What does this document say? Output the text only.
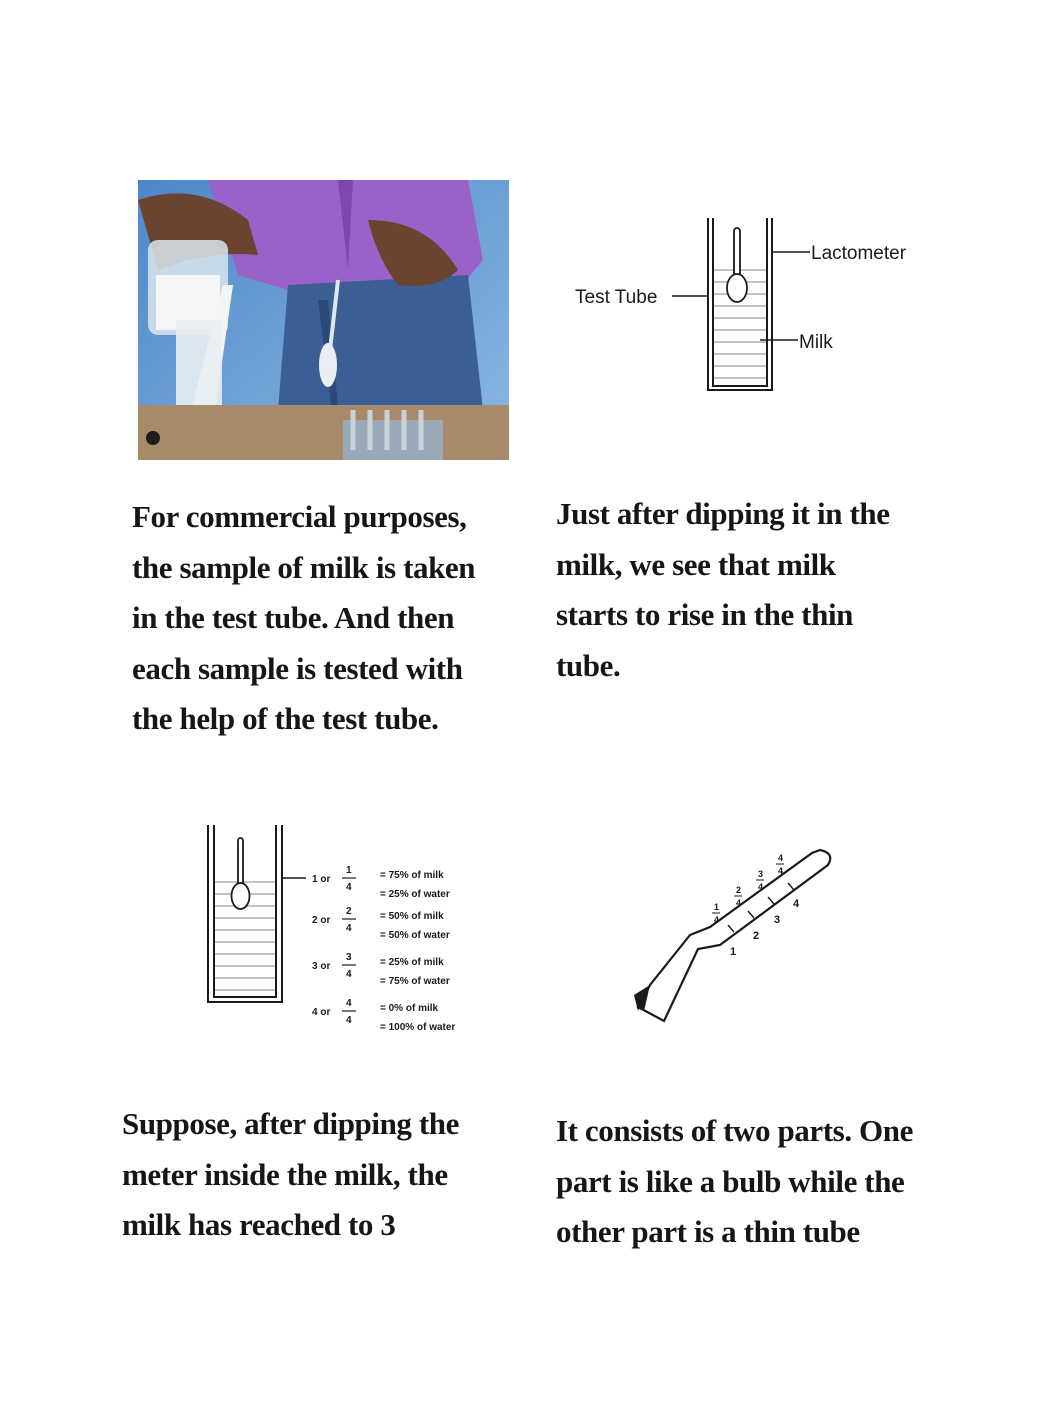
Lactometer
Test Tube
Milk
For commercial purposes,
the sample of milk is taken
in the test tube. And then
each sample is tested with
the help of the test tube.
Just after dipping it in the
milk, we see that milk
starts to rise in the thin
tube.
1 or
1
4
= 75% of milk
= 25% of water
2 or
2
4
= 50% of milk
= 50% of water
3 or
3
4
= 25% of milk
= 75% of water
4 or
4
4
= 0% of milk
= 100% of water
1
2
3
4
1
4
2
4
3
4
4
4
Suppose, after dipping the
meter inside the milk, the
milk has reached to 3
It consists of two parts. One
part is like a bulb while the
other part is a thin tube
